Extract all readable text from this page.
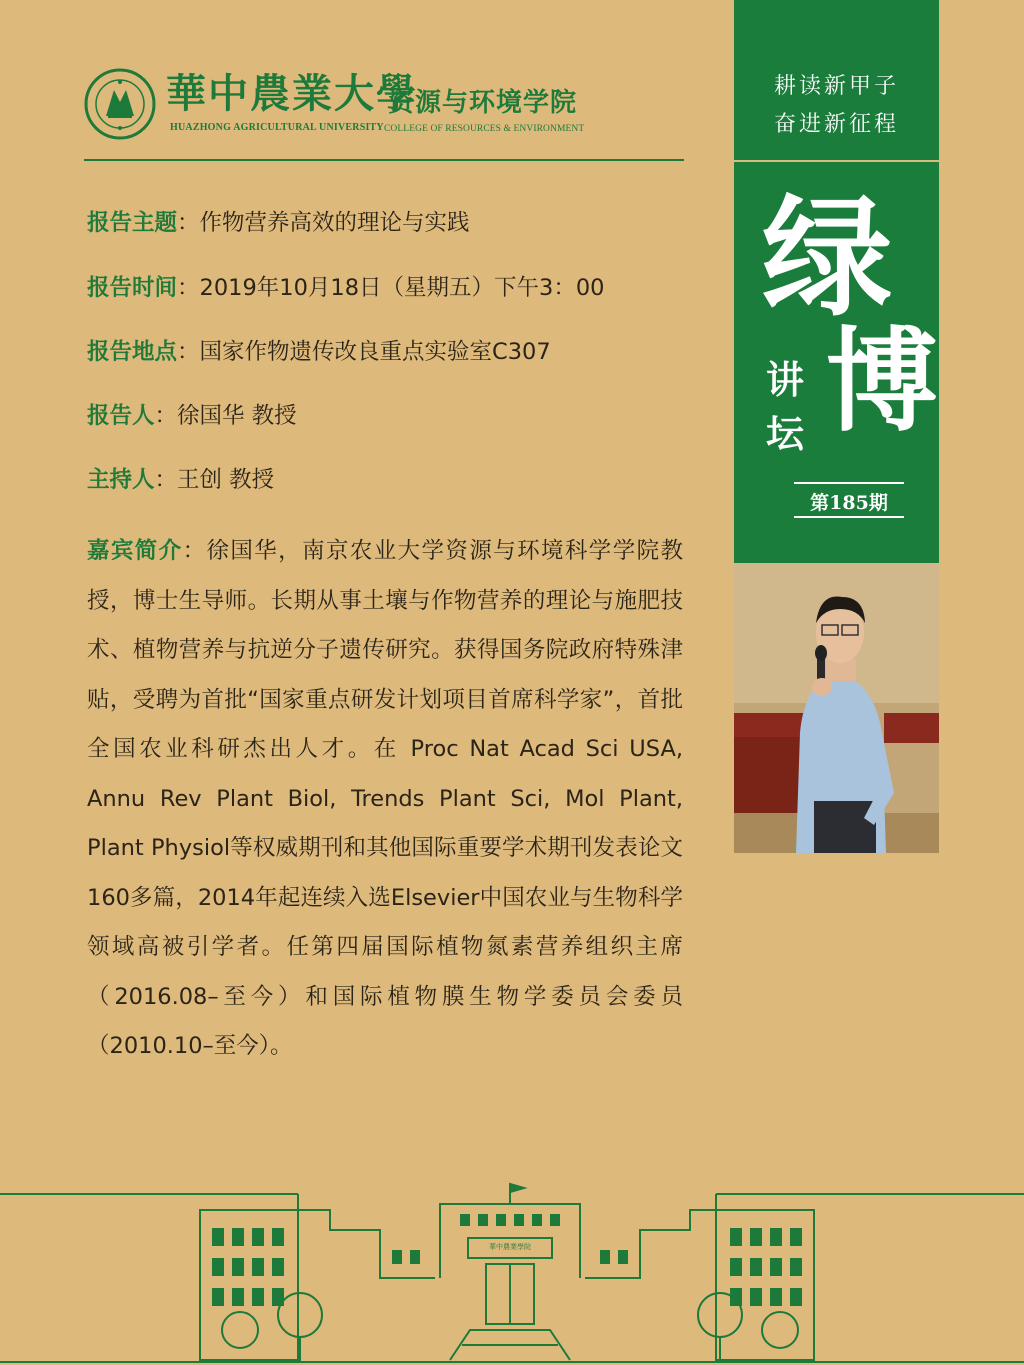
華中農業大學
HUAZHONG AGRICULTURAL UNIVERSITY
资源与环境学院
COLLEGE OF RESOURCES & ENVIRONMENT
报告主题：作物营养高效的理论与实践
报告时间：2019年10月18日（星期五）下午3：00
报告地点：国家作物遗传改良重点实验室C307
报告人：徐国华 教授
主持人：王创 教授
嘉宾简介：徐国华，南京农业大学资源与环境科学学院教授，博士生导师。长期从事土壤与作物营养的理论与施肥技术、植物营养与抗逆分子遗传研究。获得国务院政府特殊津贴，受聘为首批“国家重点研发计划项目首席科学家”，首批全国农业科研杰出人才。在 Proc Nat Acad Sci USA, Annu Rev Plant Biol, Trends Plant Sci, Mol Plant, Plant Physiol等权威期刊和其他国际重要学术期刊发表论文160多篇，2014年起连续入选Elsevier中国农业与生物科学领域高被引学者。任第四届国际植物氮素营养组织主席（2016.08–至今）和国际植物膜生物学委员会委员（2010.10–至今）。
耕读新甲子
奋进新征程
绿
博
讲
坛
第185期
華中農業學院
